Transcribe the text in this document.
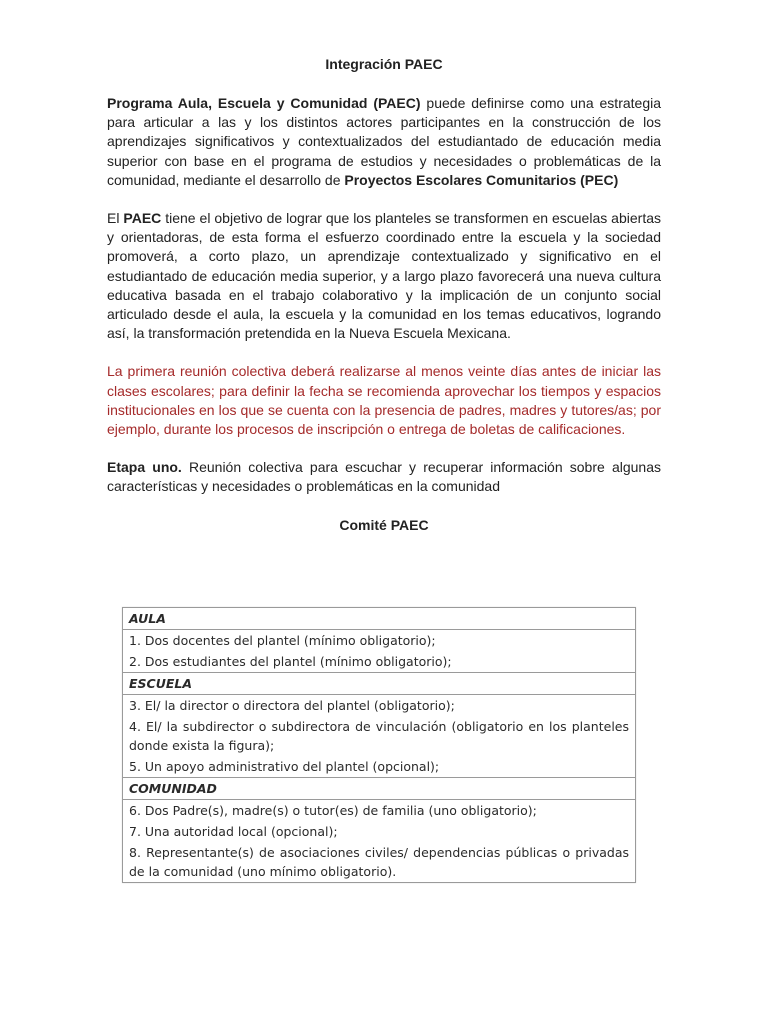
Integración PAEC

Programa Aula, Escuela y Comunidad (PAEC) puede definirse como una estrategia para articular a las y los distintos actores participantes en la construcción de los aprendizajes significativos y contextualizados del estudiantado de educación media superior con base en el programa de estudios y necesidades o problemáticas de la comunidad, mediante el desarrollo de Proyectos Escolares Comunitarios (PEC)

El PAEC tiene el objetivo de lograr que los planteles se transformen en escuelas abiertas y orientadoras, de esta forma el esfuerzo coordinado entre la escuela y la sociedad promoverá, a corto plazo, un aprendizaje contextualizado y significativo en el estudiantado de educación media superior, y a largo plazo favorecerá una nueva cultura educativa basada en el trabajo colaborativo y la implicación de un conjunto social articulado desde el aula, la escuela y la comunidad en los temas educativos, logrando así, la transformación pretendida en la Nueva Escuela Mexicana.

La primera reunión colectiva deberá realizarse al menos veinte días antes de iniciar las clases escolares; para definir la fecha se recomienda aprovechar los tiempos y espacios institucionales en los que se cuenta con la presencia de padres, madres y tutores/as; por ejemplo, durante los procesos de inscripción o entrega de boletas de calificaciones.

Etapa uno. Reunión colectiva para escuchar y recuperar información sobre algunas características y necesidades o problemáticas en la comunidad

Comité PAEC
AULA
1. Dos docentes del plantel (mínimo obligatorio);
2. Dos estudiantes del plantel (mínimo obligatorio);
ESCUELA
3. El/ la director o directora del plantel (obligatorio);
4. El/ la subdirector o subdirectora de vinculación (obligatorio en los planteles donde exista la figura);
5. Un apoyo administrativo del plantel (opcional);
COMUNIDAD
6. Dos Padre(s), madre(s) o tutor(es) de familia (uno obligatorio);
7. Una autoridad local (opcional);
8. Representante(s) de asociaciones civiles/ dependencias públicas o privadas de la comunidad (uno mínimo obligatorio).
